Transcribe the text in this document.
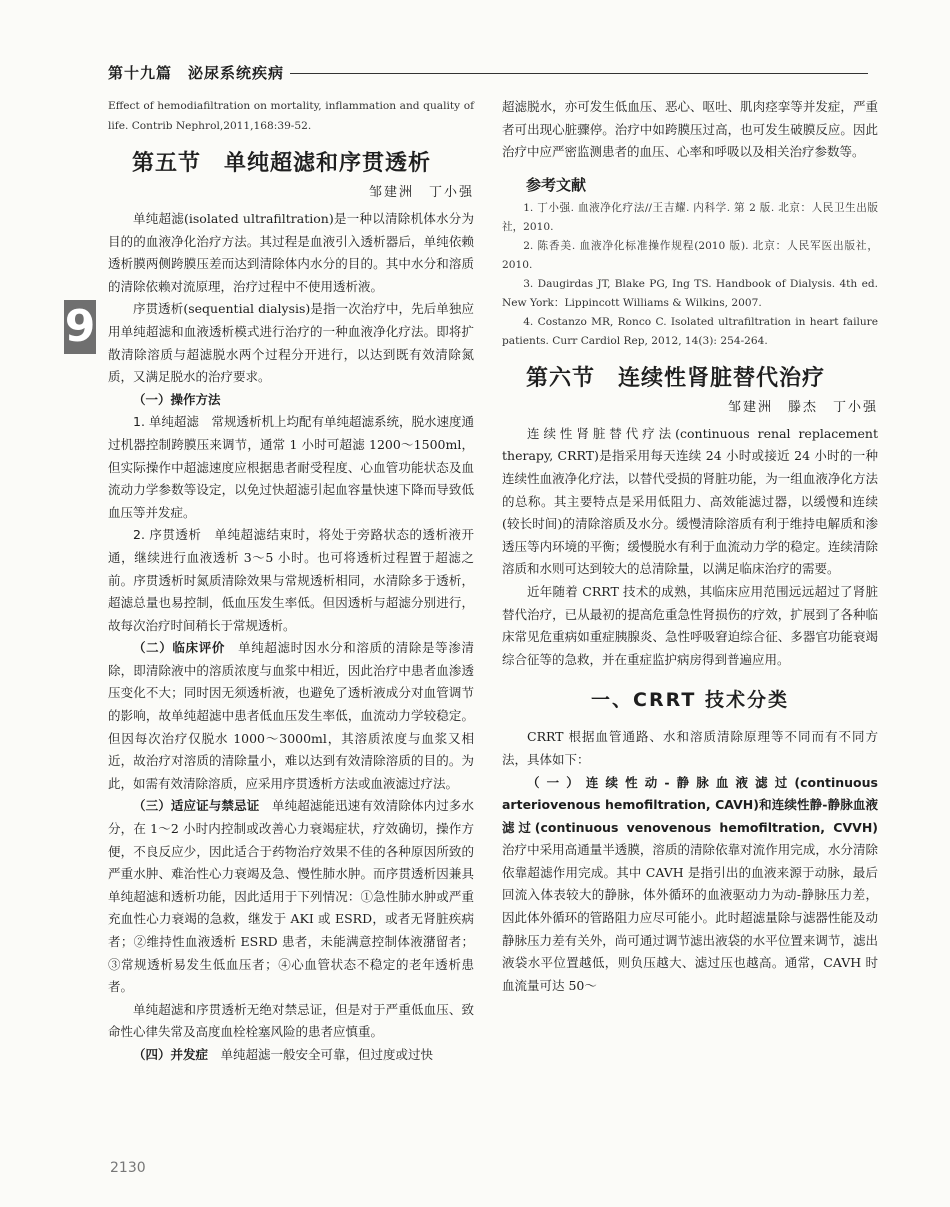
第十九篇　泌尿系统疾病
9

Effect of hemodiafiltration on mortality, inflammation and quality of life. Contrib Nephrol,2011,168:39-52.

第五节　单纯超滤和序贯透析
邹建洲　丁小强

单纯超滤(isolated ultrafiltration)是一种以清除机体水分为目的的血液净化治疗方法。其过程是血液引入透析器后，单纯依赖透析膜两侧跨膜压差而达到清除体内水分的目的。其中水分和溶质的清除依赖对流原理，治疗过程中不使用透析液。

序贯透析(sequential dialysis)是指一次治疗中，先后单独应用单纯超滤和血液透析模式进行治疗的一种血液净化疗法。即将扩散清除溶质与超滤脱水两个过程分开进行，以达到既有效清除氮质，又满足脱水的治疗要求。

（一）操作方法

1. 单纯超滤　 常规透析机上均配有单纯超滤系统，脱水速度通过机器控制跨膜压来调节，通常 1 小时可超滤 1200～1500ml，但实际操作中超滤速度应根据患者耐受程度、心血管功能状态及血流动力学参数等设定，以免过快超滤引起血容量快速下降而导致低血压等并发症。

2. 序贯透析　 单纯超滤结束时，将处于旁路状态的透析液开通，继续进行血液透析 3～5 小时。也可将透析过程置于超滤之前。序贯透析时氮质清除效果与常规透析相同，水清除多于透析，超滤总量也易控制，低血压发生率低。但因透析与超滤分别进行，故每次治疗时间稍长于常规透析。

（二）临床评价　 单纯超滤时因水分和溶质的清除是等渗清除，即清除液中的溶质浓度与血浆中相近，因此治疗中患者血渗透压变化不大；同时因无须透析液，也避免了透析液成分对血管调节的影响，故单纯超滤中患者低血压发生率低，血流动力学较稳定。但因每次治疗仅脱水 1000～3000ml，其溶质浓度与血浆又相近，故治疗对溶质的清除量小，难以达到有效清除溶质的目的。为此，如需有效清除溶质，应采用序贯透析方法或血液滤过疗法。

（三）适应证与禁忌证　 单纯超滤能迅速有效清除体内过多水分，在 1～2 小时内控制或改善心力衰竭症状，疗效确切，操作方便，不良反应少，因此适合于药物治疗效果不佳的各种原因所致的严重水肿、难治性心力衰竭及急、慢性肺水肿。而序贯透析因兼具单纯超滤和透析功能，因此适用于下列情况：①急性肺水肿或严重充血性心力衰竭的急救，继发于 AKI 或 ESRD，或者无肾脏疾病者；②维持性血液透析 ESRD 患者，未能满意控制体液潴留者；③常规透析易发生低血压者；④心血管状态不稳定的老年透析患者。

单纯超滤和序贯透析无绝对禁忌证，但是对于严重低血压、致命性心律失常及高度血栓栓塞风险的患者应慎重。

（四）并发症　 单纯超滤一般安全可靠，但过度或过快

超滤脱水，亦可发生低血压、恶心、呕吐、肌肉痉挛等并发症，严重者可出现心脏骤停。治疗中如跨膜压过高，也可发生破膜反应。因此治疗中应严密监测患者的血压、心率和呼吸以及相关治疗参数等。

参考文献

1. 丁小强. 血液净化疗法//王吉耀. 内科学. 第 2 版. 北京：人民卫生出版社，2010.

2. 陈香美. 血液净化标准操作规程(2010 版). 北京：人民军医出版社，2010.

3. Daugirdas JT, Blake PG, Ing TS. Handbook of Dialysis. 4th ed. New York：Lippincott Williams & Wilkins, 2007.

4. Costanzo MR, Ronco C. Isolated ultrafiltration in heart failure patients. Curr Cardiol Rep, 2012, 14(3): 254-264.

第六节　连续性肾脏替代治疗
邹建洲　滕杰　丁小强

连续性肾脏替代疗法(continuous renal replacement therapy, CRRT)是指采用每天连续 24 小时或接近 24 小时的一种连续性血液净化疗法，以替代受损的肾脏功能，为一组血液净化方法的总称。其主要特点是采用低阻力、高效能滤过器，以缓慢和连续(较长时间)的清除溶质及水分。缓慢清除溶质有利于维持电解质和渗透压等内环境的平衡；缓慢脱水有利于血流动力学的稳定。连续清除溶质和水则可达到较大的总清除量，以满足临床治疗的需要。

近年随着 CRRT 技术的成熟，其临床应用范围远远超过了肾脏替代治疗，已从最初的提高危重急性肾损伤的疗效，扩展到了各种临床常见危重病如重症胰腺炎、急性呼吸窘迫综合征、多器官功能衰竭综合征等的急救，并在重症监护病房得到普遍应用。

一、CRRT 技术分类

CRRT 根据血管通路、水和溶质清除原理等不同而有不同方法，具体如下：

（一）连续性动-静脉血液滤过(continuous arteriovenous hemofiltration, CAVH)和连续性静-静脉血液滤过(continuous venovenous hemofiltration, CVVH)　治疗中采用高通量半透膜，溶质的清除依靠对流作用完成，水分清除依靠超滤作用完成。其中 CAVH 是指引出的血液来源于动脉，最后回流入体表较大的静脉，体外循环的血液驱动力为动-静脉压力差，因此体外循环的管路阻力应尽可能小。此时超滤量除与滤器性能及动静脉压力差有关外，尚可通过调节滤出液袋的水平位置来调节，滤出液袋水平位置越低，则负压越大、滤过压也越高。通常，CAVH 时血流量可达 50～

2130
